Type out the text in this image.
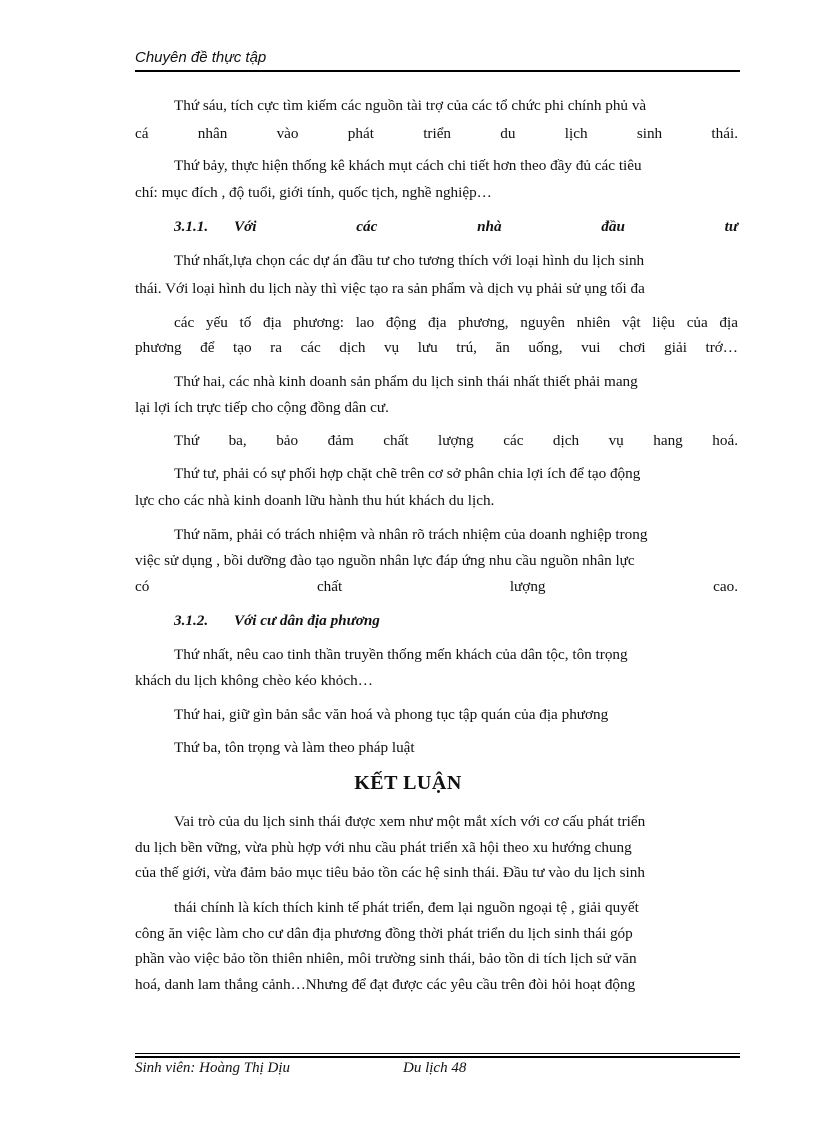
Chuyên đề thực tập
Thứ sáu, tích cực tìm kiếm các nguồn tài trợ của các tổ chức phi chính phủ và
cá nhân vào phát triển du lịch sinh thái.
Thứ bảy, thực hiện thống kê khách mụt cách chi tiết hơn theo đầy đủ các tiêu
chí: mục đích , độ tuổi, giới tính, quốc tịch, nghề nghiệp…
3.1.1.	Với các nhà đầu tư
Thứ nhất,lựa chọn các dự án đầu tư cho tương thích với loại hình du lịch sinh
thái. Với loại hình du lịch này thì việc tạo ra sản phẩm và dịch vụ phải sử ụng tối đa
các yếu tố địa phương: lao động địa phương, nguyên nhiên vật liệu của địa
phương để tạo ra các dịch vụ lưu trú, ăn uống, vui chơi giải trớ…
Thứ hai, các nhà kinh doanh sản phẩm du lịch sinh thái nhất thiết phải mang
lại lợi ích trực tiếp cho cộng đồng dân cư.
Thứ ba, bảo đảm chất lượng các dịch vụ hang hoá.
Thứ tư, phải có sự phối hợp chặt chẽ trên cơ sở phân chia lợi ích để tạo động
lực cho các nhà kinh doanh lữu hành thu hút khách du lịch.
Thứ năm, phải có trách nhiệm và nhân rõ trách nhiệm của doanh nghiệp trong
việc sử dụng , bồi dưỡng đào tạo nguồn nhân lực đáp ứng nhu cầu nguồn nhân lực
có chất lượng cao.
3.1.2. Với cư dân địa phương
Thứ nhất, nêu cao tinh thần truyền thống mến khách của dân tộc, tôn trọng
khách du lịch không chèo kéo khỏch…
Thứ hai, giữ gìn bản sắc văn hoá và phong tục tập quán của địa phương
Thứ ba, tôn trọng và làm theo pháp luật
KẾT LUẬN
Vai trò của du lịch sinh thái được xem như một mắt xích với cơ cấu phát triển
du lịch bền vững, vừa phù hợp với nhu cầu phát triển xã hội theo xu hướng chung
của thế giới, vừa đảm bảo mục tiêu bảo tồn các hệ sinh thái. Đầu tư vào du lịch sinh
thái chính là kích thích kinh tế phát triển, đem lại nguồn ngoại tệ , giải quyết
công ăn việc làm cho cư dân địa phương đồng thời phát triển du lịch sinh thái góp
phần vào việc bảo tồn thiên nhiên, môi trường sinh thái, bảo tồn di tích lịch sử văn
hoá, danh lam thắng cảnh…Nhưng để đạt được các yêu cầu trên đòi hỏi hoạt động
Sinh viên: Hoàng Thị Dịu	Du lịch 48
